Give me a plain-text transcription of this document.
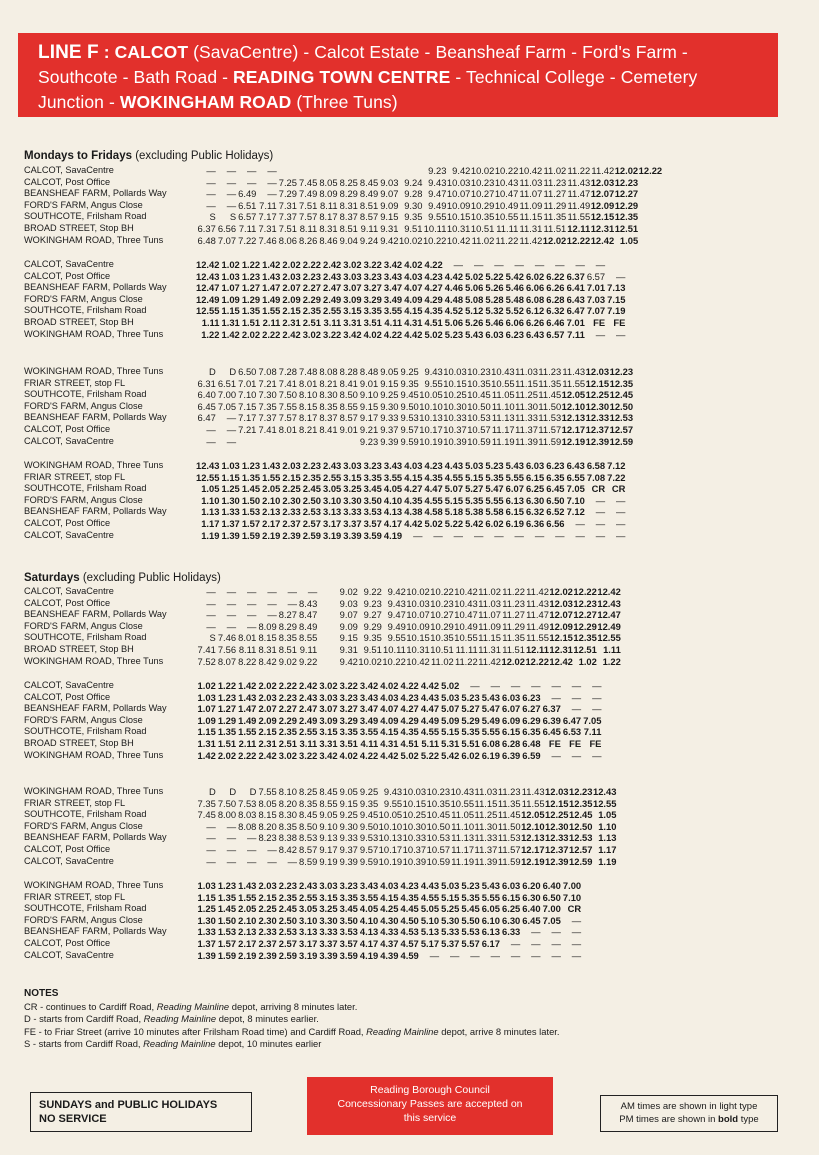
LINE F : CALCOT (SavaCentre) - Calcot Estate - Beansheaf Farm - Ford's Farm - Southcote - Bath Road - READING TOWN CENTRE - Technical College - Cemetery Junction - WOKINGHAM ROAD (Three Tuns)
Mondays to Fridays (excluding Public Holidays)
CALCOT, SavaCentre	—	—	—	—								9.23	9.42	10.02	10.22	10.42	11.02	11.22	11.42	12.02	12.22
CALCOT, Post Office	—	—	—	—	7.25	7.45	8.05	8.25	8.45	9.03	9.24	9.43	10.03	10.23	10.43	11.03	11.23	11.43	12.03	12.23	
BEANSHEAF FARM, Pollards Way	—	—	6.49	—	7.29	7.49	8.09	8.29	8.49	9.07	9.28	9.47	10.07	10.27	10.47	11.07	11.27	11.47	12.07	12.27	
FORD'S FARM, Angus Close	—	—	6.51	7.11	7.31	7.51	8.11	8.31	8.51	9.09	9.30	9.49	10.09	10.29	10.49	11.09	11.29	11.49	12.09	12.29	
SOUTHCOTE, Frilsham Road	S	S	6.57	7.17	7.37	7.57	8.17	8.37	8.57	9.15	9.35	9.55	10.15	10.35	10.55	11.15	11.35	11.55	12.15	12.35	
BROAD STREET, Stop BH	6.37	6.56	7.11	7.31	7.51	8.11	8.31	8.51	9.11	9.31	9.51	10.11	10.31	10.51	11.11	11.31	11.51	12.11	12.31	12.51	
WOKINGHAM ROAD, Three Tuns	6.48	7.07	7.22	7.46	8.06	8.26	8.46	9.04	9.24	9.42	10.02	10.22	10.42	11.02	11.22	11.42	12.02	12.22	12.42	1.05	
CALCOT, SavaCentre	12.42	1.02	1.22	1.42	2.02	2.22	2.42	3.02	3.22	3.42	4.02	4.22	—	—	—	—	—	—	—	—	
CALCOT, Post Office	12.43	1.03	1.23	1.43	2.03	2.23	2.43	3.03	3.23	3.43	4.03	4.23	4.42	5.02	5.22	5.42	6.02	6.22	6.37	6.57	—
BEANSHEAF FARM, Pollards Way	12.47	1.07	1.27	1.47	2.07	2.27	2.47	3.07	3.27	3.47	4.07	4.27	4.46	5.06	5.26	5.46	6.06	6.26	6.41	7.01	7.13
FORD'S FARM, Angus Close	12.49	1.09	1.29	1.49	2.09	2.29	2.49	3.09	3.29	3.49	4.09	4.29	4.48	5.08	5.28	5.48	6.08	6.28	6.43	7.03	7.15
SOUTHCOTE, Frilsham Road	12.55	1.15	1.35	1.55	2.15	2.35	2.55	3.15	3.35	3.55	4.15	4.35	4.52	5.12	5.32	5.52	6.12	6.32	6.47	7.07	7.19
BROAD STREET, Stop BH	1.11	1.31	1.51	2.11	2.31	2.51	3.11	3.31	3.51	4.11	4.31	4.51	5.06	5.26	5.46	6.06	6.26	6.46	7.01	FE	FE
WOKINGHAM ROAD, Three Tuns	1.22	1.42	2.02	2.22	2.42	3.02	3.22	3.42	4.02	4.22	4.42	5.02	5.23	5.43	6.03	6.23	6.43	6.57	7.11	—	—
WOKINGHAM ROAD, Three Tuns	D	D	6.50	7.08	7.28	7.48	8.08	8.28	8.48	9.05	9.25	9.43	10.03	10.23	10.43	11.03	11.23	11.43	12.03	12.23
FRIAR STREET, stop FL	6.31	6.51	7.01	7.21	7.41	8.01	8.21	8.41	9.01	9.15	9.35	9.55	10.15	10.35	10.55	11.15	11.35	11.55	12.15	12.35
SOUTHCOTE, Frilsham Road	6.40	7.00	7.10	7.30	7.50	8.10	8.30	8.50	9.10	9.25	9.45	10.05	10.25	10.45	11.05	11.25	11.45	12.05	12.25	12.45
FORD'S FARM, Angus Close	6.45	7.05	7.15	7.35	7.55	8.15	8.35	8.55	9.15	9.30	9.50	10.10	10.30	10.50	11.10	11.30	11.50	12.10	12.30	12.50
BEANSHEAF FARM, Pollards Way	6.47	—	7.17	7.37	7.57	8.17	8.37	8.57	9.17	9.33	9.53	10.13	10.33	10.53	11.13	11.33	11.53	12.13	12.33	12.53
CALCOT, Post Office	—	—	7.21	7.41	8.01	8.21	8.41	9.01	9.21	9.37	9.57	10.17	10.37	10.57	11.17	11.37	11.57	12.17	12.37	12.57
CALCOT, SavaCentre	—	—							9.23	9.39	9.59	10.19	10.39	10.59	11.19	11.39	11.59	12.19	12.39	12.59
WOKINGHAM ROAD, Three Tuns	12.43	1.03	1.23	1.43	2.03	2.23	2.43	3.03	3.23	3.43	4.03	4.23	4.43	5.03	5.23	5.43	6.03	6.23	6.43	6.58	7.12
FRIAR STREET, stop FL	12.55	1.15	1.35	1.55	2.15	2.35	2.55	3.15	3.35	3.55	4.15	4.35	4.55	5.15	5.35	5.55	6.15	6.35	6.55	7.08	7.22
SOUTHCOTE, Frilsham Road	1.05	1.25	1.45	2.05	2.25	2.45	3.05	3.25	3.45	4.05	4.27	4.47	5.07	5.27	5.47	6.07	6.25	6.45	7.05	CR	CR
FORD'S FARM, Angus Close	1.10	1.30	1.50	2.10	2.30	2.50	3.10	3.30	3.50	4.10	4.35	4.55	5.15	5.35	5.55	6.13	6.30	6.50	7.10	—	—
BEANSHEAF FARM, Pollards Way	1.13	1.33	1.53	2.13	2.33	2.53	3.13	3.33	3.53	4.13	4.38	4.58	5.18	5.38	5.58	6.15	6.32	6.52	7.12	—	—
CALCOT, Post Office	1.17	1.37	1.57	2.17	2.37	2.57	3.17	3.37	3.57	4.17	4.42	5.02	5.22	5.42	6.02	6.19	6.36	6.56	—	—	—
CALCOT, SavaCentre	1.19	1.39	1.59	2.19	2.39	2.59	3.19	3.39	3.59	4.19	—	—	—	—	—	—	—	—	—	—	—
Saturdays (excluding Public Holidays)
CALCOT, SavaCentre	—	—	—	—	—	—		9.02	9.22	9.42	10.02	10.22	10.42	11.02	11.22	11.42	12.02	12.22	12.42
CALCOT, Post Office	—	—	—	—	—	8.43		9.03	9.23	9.43	10.03	10.23	10.43	11.03	11.23	11.43	12.03	12.23	12.43
BEANSHEAF FARM, Pollards Way	—	—	—	—	8.27	8.47		9.07	9.27	9.47	10.07	10.27	10.47	11.07	11.27	11.47	12.07	12.27	12.47
FORD'S FARM, Angus Close	—	—	—	8.09	8.29	8.49		9.09	9.29	9.49	10.09	10.29	10.49	11.09	11.29	11.49	12.09	12.29	12.49
SOUTHCOTE, Frilsham Road	S	7.46	8.01	8.15	8.35	8.55		9.15	9.35	9.55	10.15	10.35	10.55	11.15	11.35	11.55	12.15	12.35	12.55
BROAD STREET, Stop BH	7.41	7.56	8.11	8.31	8.51	9.11		9.31	9.51	10.11	10.31	10.51	11.11	11.31	11.51	12.11	12.31	12.51	1.11
WOKINGHAM ROAD, Three Tuns	7.52	8.07	8.22	8.42	9.02	9.22		9.42	10.02	10.22	10.42	11.02	11.22	11.42	12.02	12.22	12.42	1.02	1.22
CALCOT, SavaCentre	1.02	1.22	1.42	2.02	2.22	2.42	3.02	3.22	3.42	4.02	4.22	4.42	5.02	—	—	—	—	—	—	—
CALCOT, Post Office	1.03	1.23	1.43	2.03	2.23	2.43	3.03	3.23	3.43	4.03	4.23	4.43	5.03	5.23	5.43	6.03	6.23	—	—	—
BEANSHEAF FARM, Pollards Way	1.07	1.27	1.47	2.07	2.27	2.47	3.07	3.27	3.47	4.07	4.27	4.47	5.07	5.27	5.47	6.07	6.27	6.37	—	—
FORD'S FARM, Angus Close	1.09	1.29	1.49	2.09	2.29	2.49	3.09	3.29	3.49	4.09	4.29	4.49	5.09	5.29	5.49	6.09	6.29	6.39	6.47	7.05
SOUTHCOTE, Frilsham Road	1.15	1.35	1.55	2.15	2.35	2.55	3.15	3.35	3.55	4.15	4.35	4.55	5.15	5.35	5.55	6.15	6.35	6.45	6.53	7.11
BROAD STREET, Stop BH	1.31	1.51	2.11	2.31	2.51	3.11	3.31	3.51	4.11	4.31	4.51	5.11	5.31	5.51	6.08	6.28	6.48	FE	FE	FE
WOKINGHAM ROAD, Three Tuns	1.42	2.02	2.22	2.42	3.02	3.22	3.42	4.02	4.22	4.42	5.02	5.22	5.42	6.02	6.19	6.39	6.59	—	—	—
WOKINGHAM ROAD, Three Tuns	D	D	D	7.55	8.10	8.25	8.45	9.05	9.25	9.43	10.03	10.23	10.43	11.03	11.23	11.43	12.03	12.23	12.43
FRIAR STREET, stop FL	7.35	7.50	7.53	8.05	8.20	8.35	8.55	9.15	9.35	9.55	10.15	10.35	10.55	11.15	11.35	11.55	12.15	12.35	12.55
SOUTHCOTE, Frilsham Road	7.45	8.00	8.03	8.15	8.30	8.45	9.05	9.25	9.45	10.05	10.25	10.45	11.05	11.25	11.45	12.05	12.25	12.45	1.05
FORD'S FARM, Angus Close	—	—	8.08	8.20	8.35	8.50	9.10	9.30	9.50	10.10	10.30	10.50	11.10	11.30	11.50	12.10	12.30	12.50	1.10
BEANSHEAF FARM, Pollards Way	—	—	—	8.23	8.38	8.53	9.13	9.33	9.53	10.13	10.33	10.53	11.13	11.33	11.53	12.13	12.33	12.53	1.13
CALCOT, Post Office	—	—	—	—	8.42	8.57	9.17	9.37	9.57	10.17	10.37	10.57	11.17	11.37	11.57	12.17	12.37	12.57	1.17
CALCOT, SavaCentre	—	—	—	—	—	8.59	9.19	9.39	9.59	10.19	10.39	10.59	11.19	11.39	11.59	12.19	12.39	12.59	1.19
WOKINGHAM ROAD, Three Tuns	1.03	1.23	1.43	2.03	2.23	2.43	3.03	3.23	3.43	4.03	4.23	4.43	5.03	5.23	5.43	6.03	6.20	6.40	7.00
FRIAR STREET, stop FL	1.15	1.35	1.55	2.15	2.35	2.55	3.15	3.35	3.55	4.15	4.35	4.55	5.15	5.35	5.55	6.15	6.30	6.50	7.10
SOUTHCOTE, Frilsham Road	1.25	1.45	2.05	2.25	2.45	3.05	3.25	3.45	4.05	4.25	4.45	5.05	5.25	5.45	6.05	6.25	6.40	7.00	CR
FORD'S FARM, Angus Close	1.30	1.50	2.10	2.30	2.50	3.10	3.30	3.50	4.10	4.30	4.50	5.10	5.30	5.50	6.10	6.30	6.45	7.05	—
BEANSHEAF FARM, Pollards Way	1.33	1.53	2.13	2.33	2.53	3.13	3.33	3.53	4.13	4.33	4.53	5.13	5.33	5.53	6.13	6.33	—	—	—
CALCOT, Post Office	1.37	1.57	2.17	2.37	2.57	3.17	3.37	3.57	4.17	4.37	4.57	5.17	5.37	5.57	6.17	—	—	—	—
CALCOT, SavaCentre	1.39	1.59	2.19	2.39	2.59	3.19	3.39	3.59	4.19	4.39	4.59	—	—	—	—	—	—	—	—
NOTES
CR - continues to Cardiff Road, Reading Mainline depot, arriving 8 minutes later.
D - starts from Cardiff Road, Reading Mainline depot, 8 minutes earlier.
FE - to Friar Street (arrive 10 minutes after Frilsham Road time) and Cardiff Road, Reading Mainline depot, arrive 8 minutes later.
S - starts from Cardiff Road, Reading Mainline depot, 10 minutes earlier
SUNDAYS and PUBLIC HOLIDAYS
NO SERVICE
Reading Borough Council
Concessionary Passes are accepted on
this service
AM times are shown in light type
PM times are shown in bold type
